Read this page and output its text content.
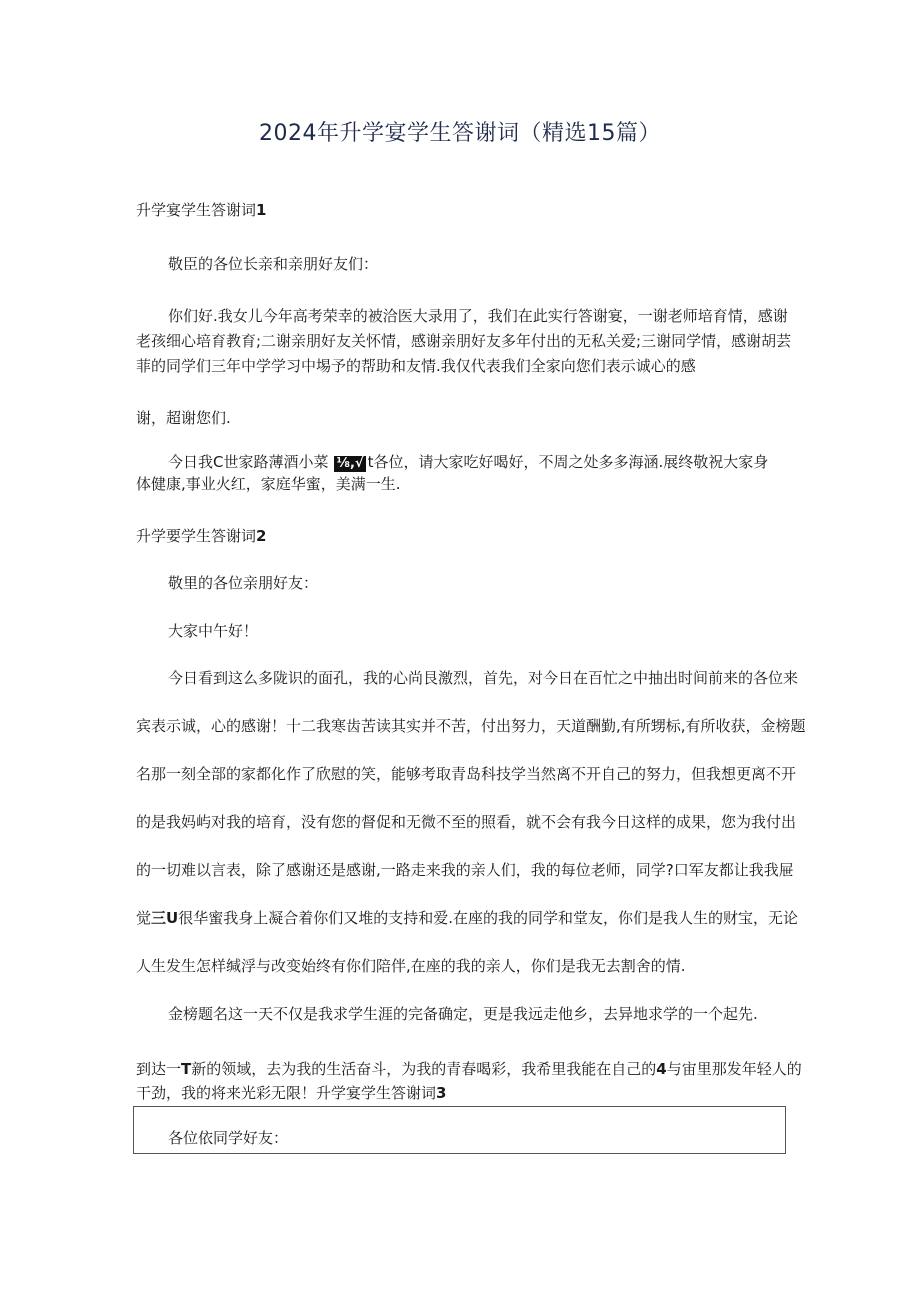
2024年升学宴学生答谢词（精选15篇）
升学宴学生答谢词1
敬臣的各位长亲和亲朋好友们：
你们好.我女儿今年高考荣幸的被洽医大录用了，我们在此实行答谢宴，一谢老师培育情，感谢
老孩细心培育教育;二谢亲朋好友关怀情，感谢亲朋好友多年付出的无私关爱;三谢同学情，感谢胡芸
菲的同学们三年中学学习中埸予的帮助和友情.我仅代表我们全家向您们表示诚心的感
谢，超谢您们.
今日我C世家路薄酒小菜 ⅛,√ t各位，请大家吃好喝好，不周之处多多海涵.展终敬祝大家身
体健康,事业火红，家庭华蜜，美满一生.
升学要学生答谢词2
敬里的各位亲朋好友：
大家中午好！
今日看到这么多陇识的面孔，我的心尚艮激烈，首先，对今日在百忙之中抽出时间前来的各位来
宾表示诚，心的感谢！十二我寒齿苦读其实并不苦，付出努力，天道酬勤,有所甥标,有所收获，金榜题
名那一刻全部的家都化作了欣慰的笑，能够考取青岛科技学当然离不开自己的努力，但我想更离不开
的是我妈屿对我的培育，没有您的督促和无微不至的照看，就不会有我今日这样的成果，您为我付出
的一切难以言表，除了感谢还是感谢,一路走来我的亲人们，我的每位老师，同学?口军友都让我我屉
觉三U很华蜜我身上凝合着你们又堆的支持和爱.在座的我的同学和堂友，你们是我人生的财宝，无论
人生发生怎样缄浮与改变始终有你们陪伴,在座的我的亲人，你们是我无去割舍的情.
金榜题名这一天不仅是我求学生涯的完备确定，更是我远走他乡，去异地求学的一个起先.
到达一T新的领域，去为我的生活奋斗，为我的青春喝彩，我希里我能在自己的4与宙里那发年轻人的
干劲，我的将来光彩无限！升学宴学生答谢词3
各位依同学好友：
